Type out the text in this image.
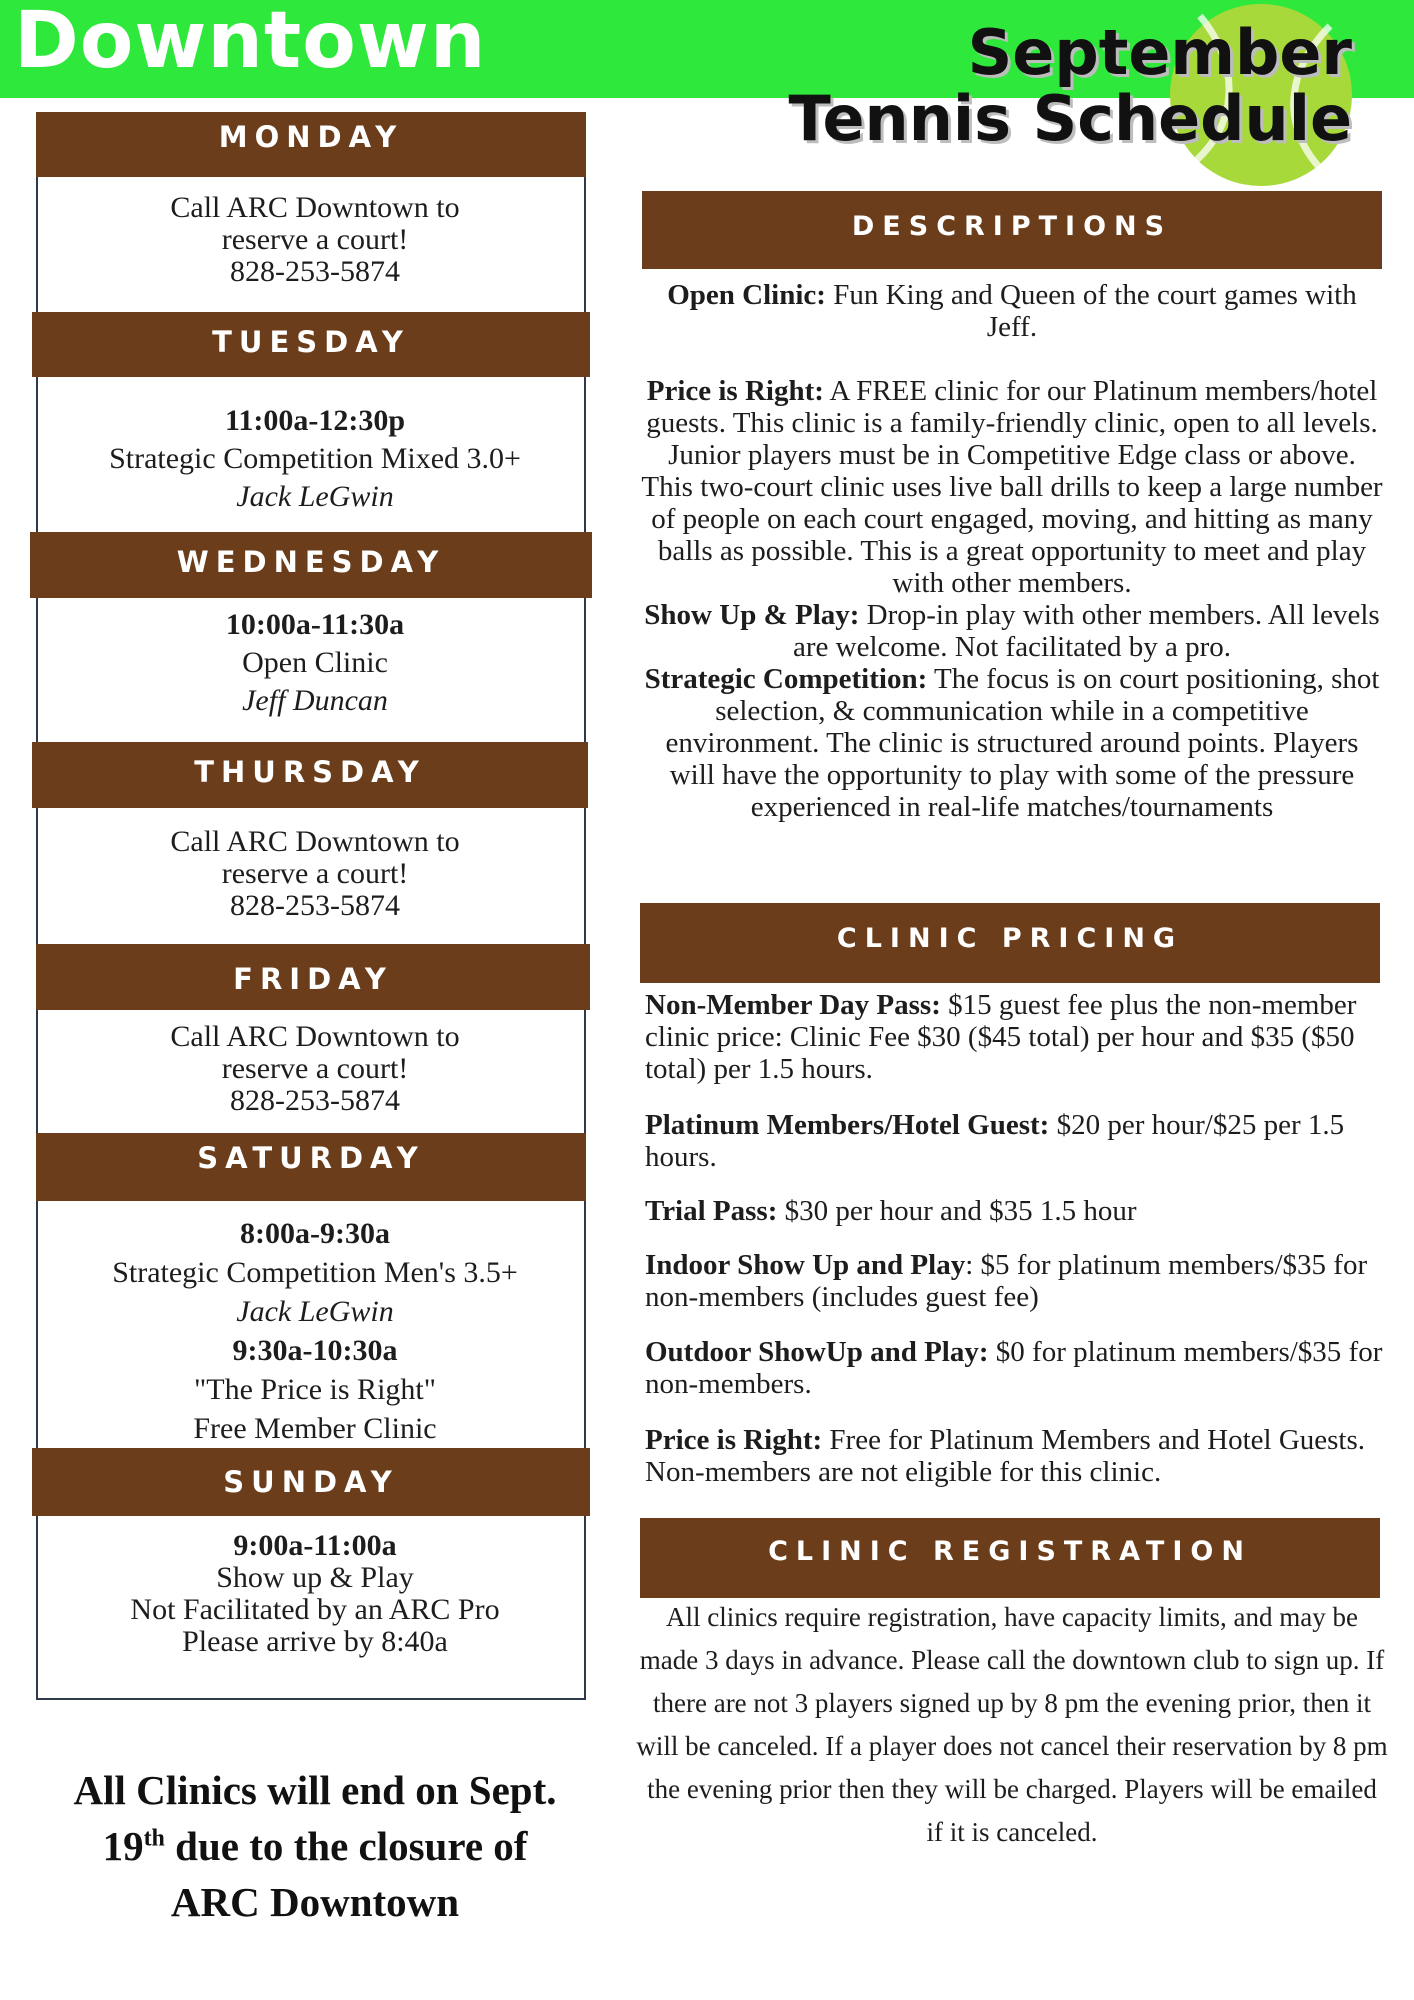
Downtown	September
Tennis Schedule
MONDAY
Call ARC Downtown to
reserve a court!
828-253-5874
TUESDAY
11:00a-12:30p
Strategic Competition Mixed 3.0+
Jack LeGwin
WEDNESDAY
10:00a-11:30a
Open Clinic
Jeff Duncan
THURSDAY
Call ARC Downtown to
reserve a court!
828-253-5874
FRIDAY
Call ARC Downtown to
reserve a court!
828-253-5874
SATURDAY
8:00a-9:30a
Strategic Competition Men's 3.5+
Jack LeGwin
9:30a-10:30a
"The Price is Right"
Free Member Clinic
SUNDAY
9:00a-11:00a
Show up & Play
Not Facilitated by an ARC Pro
Please arrive by 8:40a
All Clinics will end on Sept.
19th due to the closure of
ARC Downtown
DESCRIPTIONS

Open Clinic: Fun King and Queen of the court games with Jeff.

Price is Right: A FREE clinic for our Platinum members/hotel guests. This clinic is a family-friendly clinic, open to all levels. Junior players must be in Competitive Edge class or above. This two-court clinic uses live ball drills to keep a large number of people on each court engaged, moving, and hitting as many balls as possible. This is a great opportunity to meet and play with other members.

Show Up & Play: Drop-in play with other members. All levels are welcome. Not facilitated by a pro.

Strategic Competition: The focus is on court positioning, shot selection, & communication while in a competitive environment. The clinic is structured around points. Players will have the opportunity to play with some of the pressure experienced in real-life matches/tournaments

CLINIC PRICING

Non-Member Day Pass: $15 guest fee plus the non-member clinic price: Clinic Fee $30 ($45 total) per hour and $35 ($50 total) per 1.5 hours.

Platinum Members/Hotel Guest: $20 per hour/$25 per 1.5 hours.

Trial Pass: $30 per hour and $35 1.5 hour

Indoor Show Up and Play: $5 for platinum members/$35 for non-members (includes guest fee)

Outdoor ShowUp and Play: $0 for platinum members/$35 for non-members.

Price is Right: Free for Platinum Members and Hotel Guests. Non-members are not eligible for this clinic.

CLINIC REGISTRATION
All clinics require registration, have capacity limits, and may be made 3 days in advance. Please call the downtown club to sign up. If there are not 3 players signed up by 8 pm the evening prior, then it will be canceled. If a player does not cancel their reservation by 8 pm the evening prior then they will be charged. Players will be emailed if it is canceled.
